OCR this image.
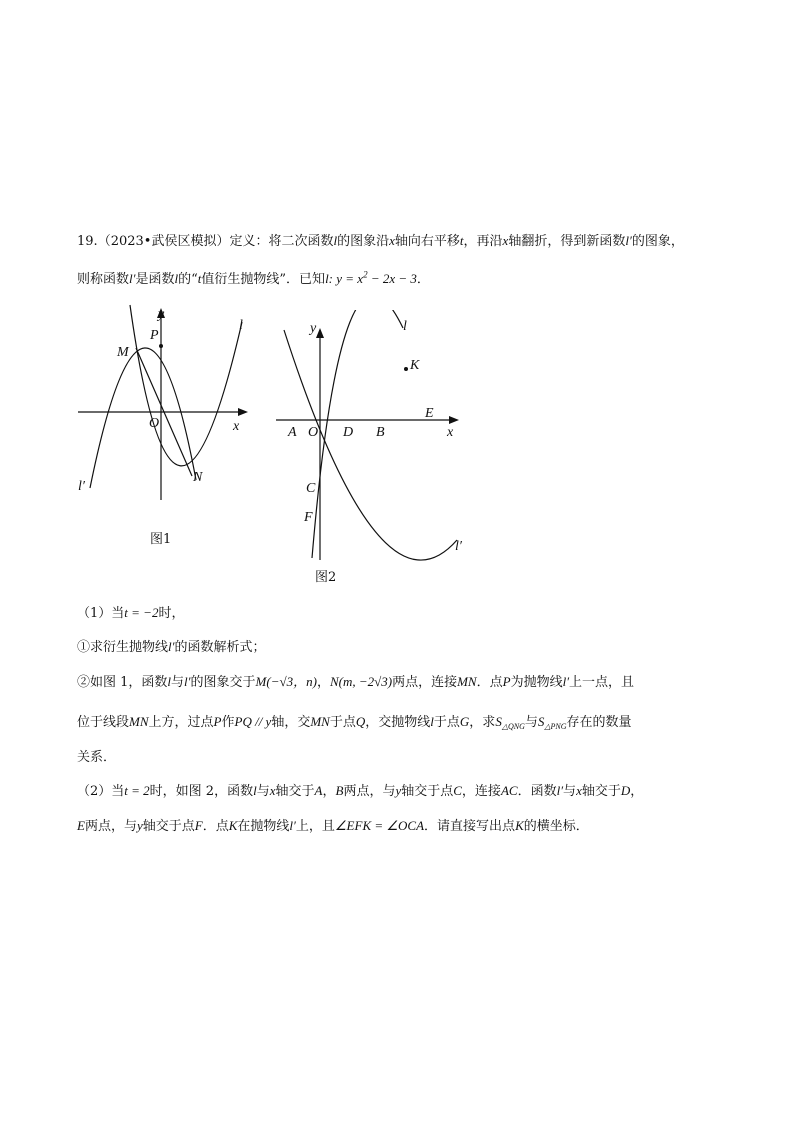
19.（2023•武侯区模拟）定义：将二次函数l的图象沿x轴向右平移t，再沿x轴翻折，得到新函数l′的图象，
则称函数l′是函数l的“t值衍生抛物线”．已知l: $y = x^2 - 2x - 3$．
y
x
O
P
M
N
l
l′
图1
y
x
O
A	D B
E
C
F
K
l
l′
图2
（1）当t = −2时，
①求衍生抛物线l′的函数解析式；
②如图 1，函数l与l′的图象交于M(−√3，n)，N(m, −2√3)两点，连接MN．点P为抛物线l′上一点，且
位于线段MN上方，过点P作PQ // y轴，交MN于点Q，交抛物线l于点G，求$S_{\triangle QNG}$与$S_{\triangle PNG}$存在的数量
关系．
（2）当t = 2时，如图 2，函数l与x轴交于A，B两点，与y轴交于点C，连接AC．函数l′与x轴交于D，
E两点，与y轴交于点F．点K在抛物线l′上，且∠EFK = ∠OCA．请直接写出点K的横坐标．
